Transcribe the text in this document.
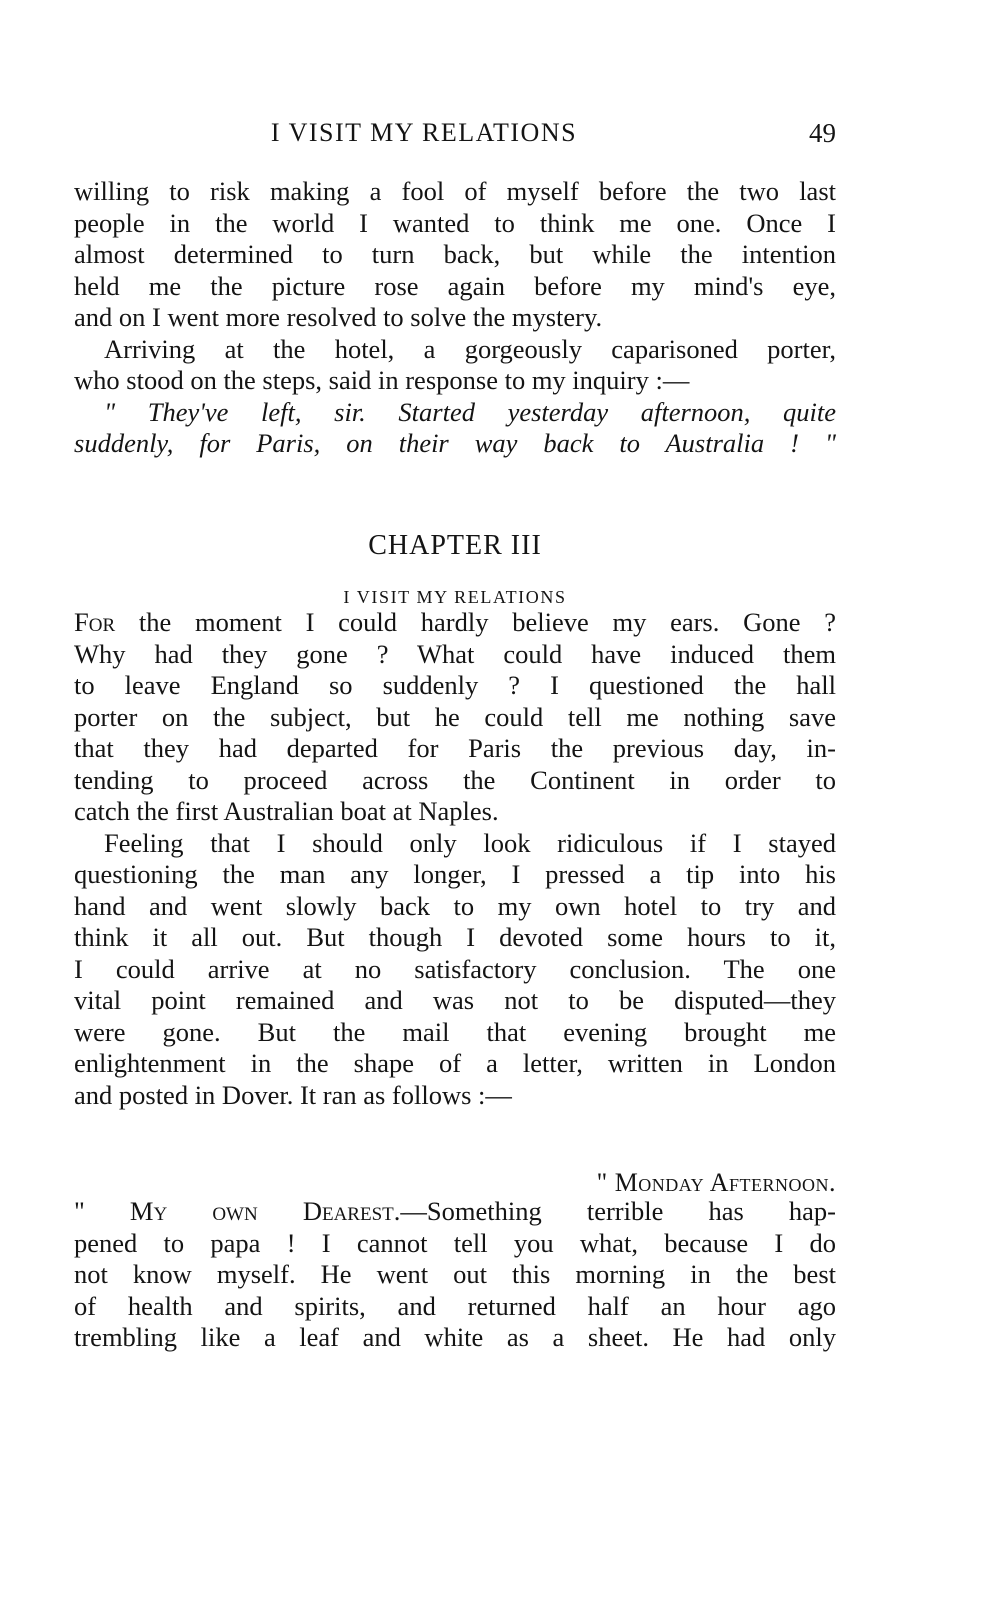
I VISIT MY RELATIONS	49
willing to risk making a fool of myself before the two last
people in the world I wanted to think me one. Once I
almost determined to turn back, but while the intention
held me the picture rose again before my mind's eye,
and on I went more resolved to solve the mystery.
Arriving at the hotel, a gorgeously caparisoned porter,
who stood on the steps, said in response to my inquiry :—
" They've left, sir. Started yesterday afternoon, quite
suddenly, for Paris, on their way back to Australia ! "
CHAPTER III
I VISIT MY RELATIONS
For the moment I could hardly believe my ears. Gone ?
Why had they gone ? What could have induced them
to leave England so suddenly ? I questioned the hall
porter on the subject, but he could tell me nothing save
that they had departed for Paris the previous day, in-
tending to proceed across the Continent in order to
catch the first Australian boat at Naples.
Feeling that I should only look ridiculous if I stayed
questioning the man any longer, I pressed a tip into his
hand and went slowly back to my own hotel to try and
think it all out. But though I devoted some hours to it,
I could arrive at no satisfactory conclusion. The one
vital point remained and was not to be disputed—they
were gone. But the mail that evening brought me
enlightenment in the shape of a letter, written in London
and posted in Dover. It ran as follows :—
" Monday Afternoon.
" My own Dearest.—Something terrible has hap-
pened to papa ! I cannot tell you what, because I do
not know myself. He went out this morning in the best
of health and spirits, and returned half an hour ago
trembling like a leaf and white as a sheet. He had only
